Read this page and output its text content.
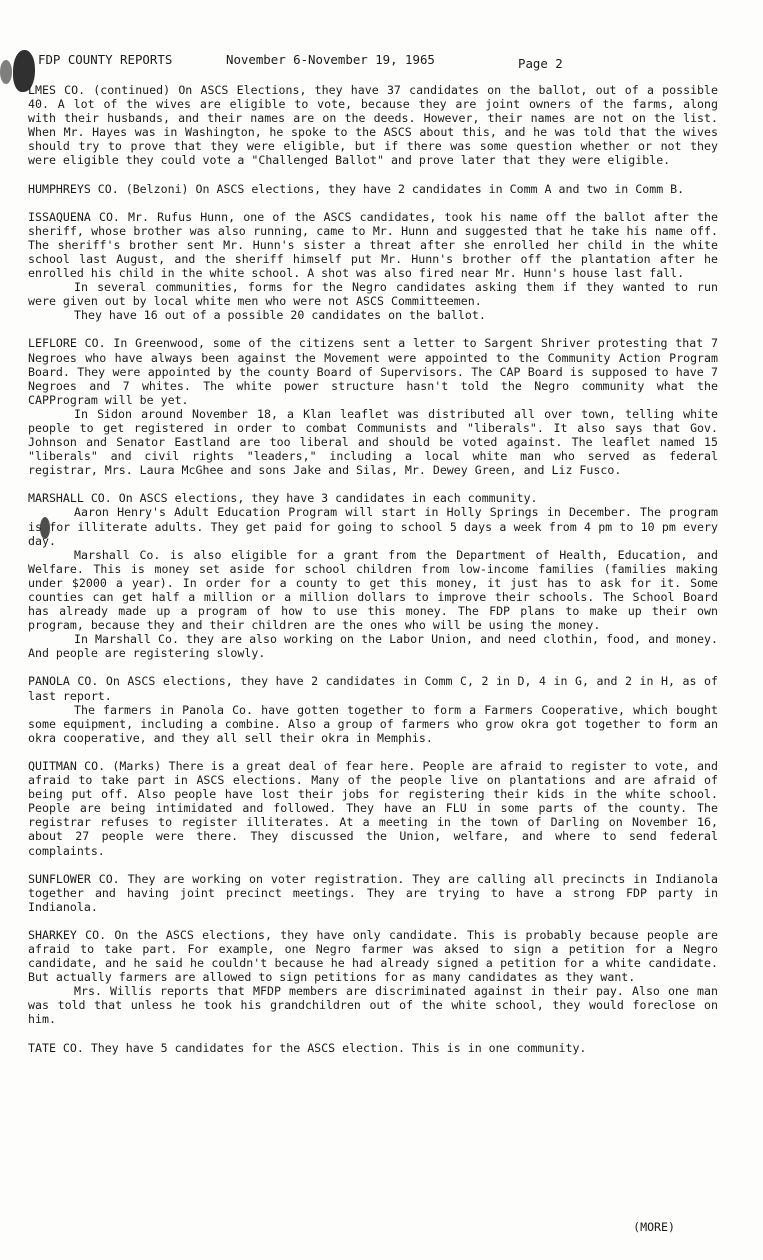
FDP COUNTY REPORTS

	November 6-November 19, 1965

	Page 2

LMES CO. (continued) On ASCS Elections, they have 37 candidates on the ballot, out of a possible 40. A lot of the wives are eligible to vote, because they are joint owners of the farms, along with their husbands, and their names are on the deeds. However, their names are not on the list. When Mr. Hayes was in Washington, he spoke to the ASCS about this, and he was told that the wives should try to prove that they were eligible, but if there was some question whether or not they were eligible they could vote a "Challenged Ballot" and prove later that they were eligible.

HUMPHREYS CO. (Belzoni) On ASCS elections, they have 2 candidates in Comm A and two in Comm B.

ISSAQUENA CO. Mr. Rufus Hunn, one of the ASCS candidates, took his name off the ballot after the sheriff, whose brother was also running, came to Mr. Hunn and suggested that he take his name off. The sheriff's brother sent Mr. Hunn's sister a threat after she enrolled her child in the white school last August, and the sheriff himself put Mr. Hunn's brother off the plantation after he enrolled his child in the white school. A shot was also fired near Mr. Hunn's house last fall.

In several communities, forms for the Negro candidates asking them if they wanted to run were given out by local white men who were not ASCS Committeemen.

They have 16 out of a possible 20 candidates on the ballot.

LEFLORE CO. In Greenwood, some of the citizens sent a letter to Sargent Shriver protesting that 7 Negroes who have always been against the Movement were appointed to the Community Action Program Board. They were appointed by the county Board of Supervisors. The CAP Board is supposed to have 7 Negroes and 7 whites. The white power structure hasn't told the Negro community what the CAPProgram will be yet.

In Sidon around November 18, a Klan leaflet was distributed all over town, telling white people to get registered in order to combat Communists and "liberals". It also says that Gov. Johnson and Senator Eastland are too liberal and should be voted against. The leaflet named 15 "liberals" and civil rights "leaders," including a local white man who served as federal registrar, Mrs. Laura McGhee and sons Jake and Silas, Mr. Dewey Green, and Liz Fusco.

MARSHALL CO. On ASCS elections, they have 3 candidates in each community.

Aaron Henry's Adult Education Program will start in Holly Springs in December. The program is for illiterate adults. They get paid for going to school 5 days a week from 4 pm to 10 pm every day.

Marshall Co. is also eligible for a grant from the Department of Health, Education, and Welfare. This is money set aside for school children from low-income families (families making under $2000 a year). In order for a county to get this money, it just has to ask for it. Some counties can get half a million or a million dollars to improve their schools. The School Board has already made up a program of how to use this money. The FDP plans to make up their own program, because they and their children are the ones who will be using the money.

In Marshall Co. they are also working on the Labor Union, and need clothin, food, and money. And people are registering slowly.

PANOLA CO. On ASCS elections, they have 2 candidates in Comm C, 2 in D, 4 in G, and 2 in H, as of last report.

The farmers in Panola Co. have gotten together to form a Farmers Cooperative, which bought some equipment, including a combine. Also a group of farmers who grow okra got together to form an okra cooperative, and they all sell their okra in Memphis.

QUITMAN CO. (Marks) There is a great deal of fear here. People are afraid to register to vote, and afraid to take part in ASCS elections. Many of the people live on plantations and are afraid of being put off. Also people have lost their jobs for registering their kids in the white school. People are being intimidated and followed. They have an FLU in some parts of the county. The registrar refuses to register illiterates. At a meeting in the town of Darling on November 16, about 27 people were there. They discussed the Union, welfare, and where to send federal complaints.

SUNFLOWER CO. They are working on voter registration. They are calling all precincts in Indianola together and having joint precinct meetings. They are trying to have a strong FDP party in Indianola.

SHARKEY CO. On the ASCS elections, they have only candidate. This is probably because people are afraid to take part. For example, one Negro farmer was aksed to sign a petition for a Negro candidate, and he said he couldn't because he had already signed a petition for a white candidate. But actually farmers are allowed to sign petitions for as many candidates as they want.

Mrs. Willis reports that MFDP members are discriminated against in their pay. Also one man was told that unless he took his grandchildren out of the white school, they would foreclose on him.

TATE CO. They have 5 candidates for the ASCS election. This is in one community.

(MORE)
